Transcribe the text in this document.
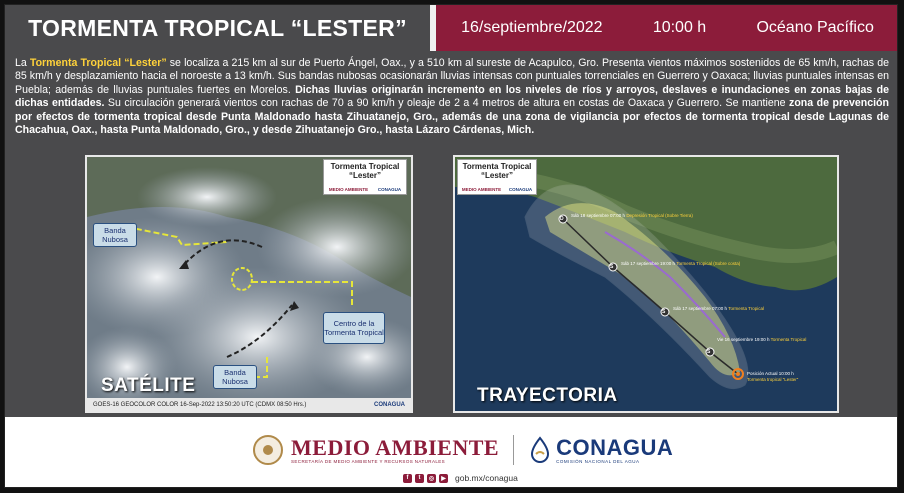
TORMENTA TROPICAL “LESTER”	16/septiembre/2022	10:00 h	Océano Pacífico
La Tormenta Tropical “Lester” se localiza a 215 km al sur de Puerto Ángel, Oax., y a 510 km al sureste de Acapulco, Gro. Presenta vientos máximos sostenidos de 65 km/h, rachas de 85 km/h y desplazamiento hacia el noroeste a 13 km/h. Sus bandas nubosas ocasionarán lluvias intensas con puntuales torrenciales en Guerrero y Oaxaca; lluvias puntuales intensas en Puebla; además de lluvias puntuales fuertes en Morelos. Dichas lluvias originarán incremento en los niveles de ríos y arroyos, deslaves e inundaciones en zonas bajas de dichas entidades. Su circulación generará vientos con rachas de 70 a 90 km/h y oleaje de 2 a 4 metros de altura en costas de Oaxaca y Guerrero. Se mantiene zona de prevención por efectos de tormenta tropical desde Punta Maldonado hasta Zihuatanejo, Gro., además de una zona de vigilancia por efectos de tormenta tropical desde Lagunas de Chacahua, Oax., hasta Punta Maldonado, Gro., y desde Zihuatanejo Gro., hasta Lázaro Cárdenas, Mich.
Tormenta Tropical “Lester”
MEDIO AMBIENTE CONAGUA
Banda Nubosa
Centro de la Tormenta Tropical
Banda Nubosa
SATÉLITE
GOES-16 GEOCOLOR COLOR 16-Sep-2022 13:50:20 UTC (CDMX 08:50 Hrs.)	CONAGUA
Tormenta Tropical “Lester”
MEDIO AMBIENTE CONAGUA
Sáb 18 septiembre 07:00 h Depresión Tropical (Sobre Tierra)
Sáb 17 septiembre 19:00 h Tormenta Tropical (Sobre costa)
Sáb 17 septiembre 07:00 h Tormenta Tropical
Vie 16 septiembre 19:00 h Tormenta Tropical
Posición Actual 10:00 h
Tormenta tropical “Lester”
D
S
S
S
TRAYECTORIA
MEDIO AMBIENTE
SECRETARÍA DE MEDIO AMBIENTE Y RECURSOS NATURALES
CONAGUA
COMISIÓN NACIONAL DEL AGUA
f	t	◎	▶ gob.mx/conagua
